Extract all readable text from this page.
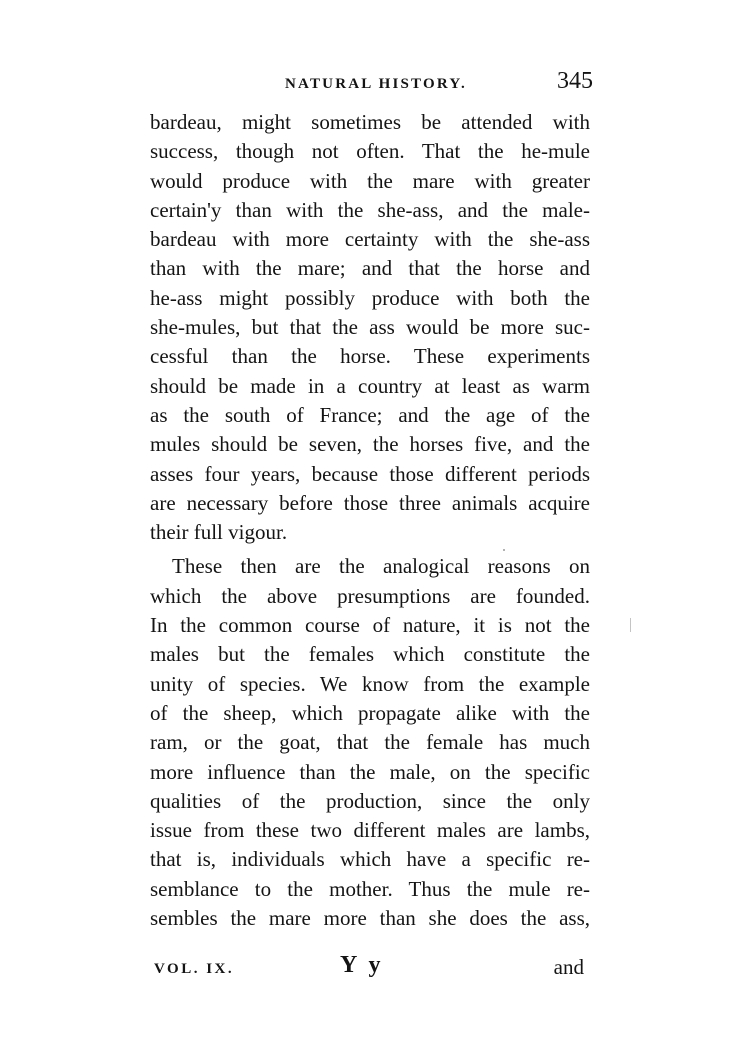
NATURAL HISTORY.	345
bardeau, might sometimes be attended with
success, though not often. That the he-mule
would produce with the mare with greater
certain'y than with the she-ass, and the male-
bardeau with more certainty with the she-ass
than with the mare; and that the horse and
he-ass might possibly produce with both the
she-mules, but that the ass would be more suc-
cessful than the horse. These experiments
should be made in a country at least as warm
as the south of France; and the age of the
mules should be seven, the horses five, and the
asses four years, because those different periods
are necessary before those three animals acquire
their full vigour.
These then are the analogical reasons on
which the above presumptions are founded.
In the common course of nature, it is not the
males but the females which constitute the
unity of species. We know from the example
of the sheep, which propagate alike with the
ram, or the goat, that the female has much
more influence than the male, on the specific
qualities of the production, since the only
issue from these two different males are lambs,
that is, individuals which have a specific re-
semblance to the mother. Thus the mule re-
sembles the mare more than she does the ass,
VOL. IX.	Y y	and
